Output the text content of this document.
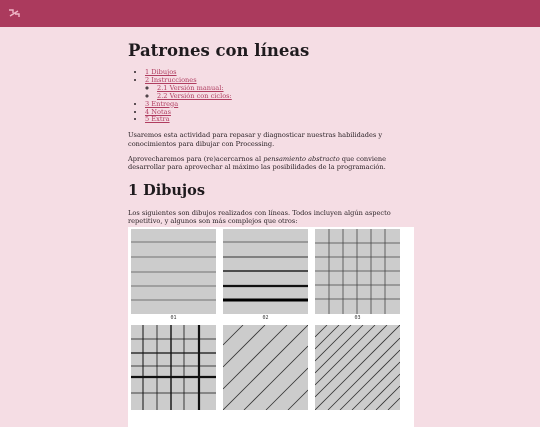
Patrones con líneas
• 1 Dibujos
• 2 Instrucciones
◦ 2.1 Versión manual:
◦ 2.2 Versión con ciclos:
• 3 Entrega
• 4 Notas
• 5 Extra

Usaremos esta actividad para repasar y diagnosticar nuestras habilidades y conocimientos para dibujar con Processing.

Aprovecharemos para (re)acercarnos al pensamiento abstracto que conviene desarrollar para aprovechar al máximo las posibilidades de la programación.

1 Dibujos

Los siguientes son dibujos realizados con líneas. Todos incluyen algún aspecto repetitivo, y algunos son más complejos que otros:

01	02	03
